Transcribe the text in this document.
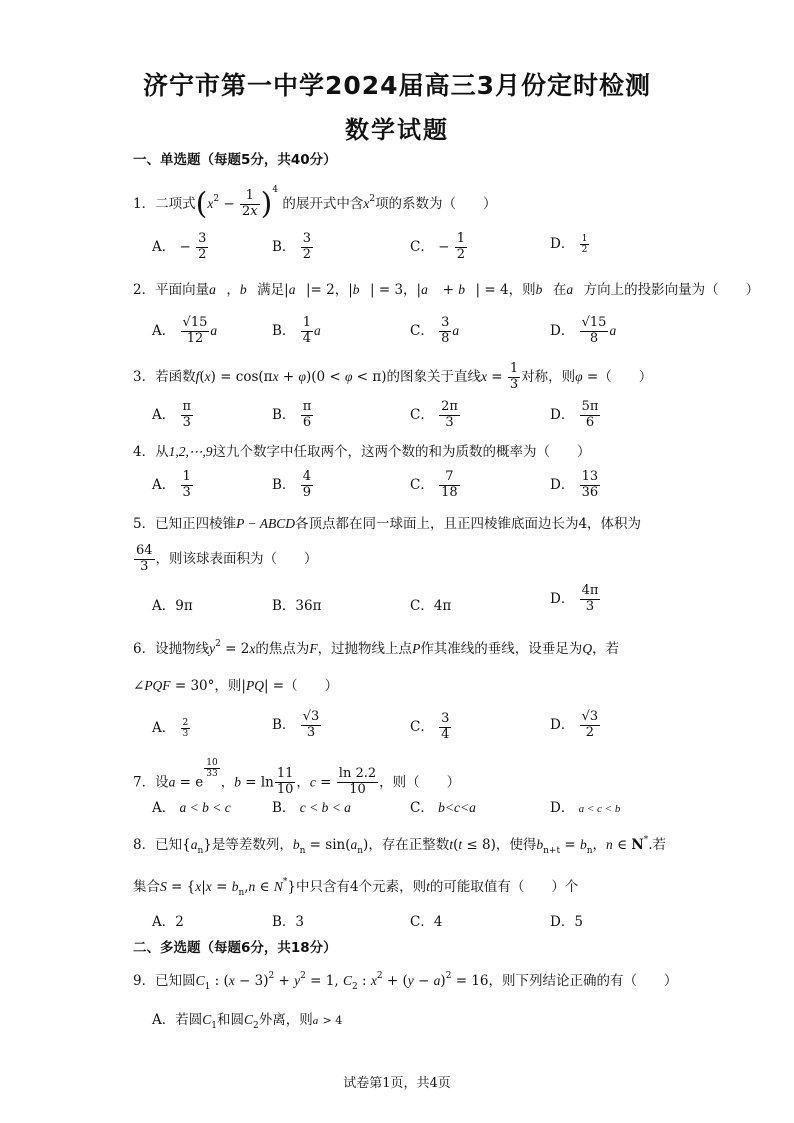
济宁市第一中学2024届高三3月份定时检测
数学试题
一、单选题（每题5分，共40分）
1．二项式$(x^2 - \frac{1}{2x} )^4$ 的展开式中含$x^2$项的系数为（　　）
A． − $\frac{3}{2}$	B． $\frac{3}{2}$	C． − $\frac{1}{2}$	D． $\frac{1}{2}$
2．平面向量a⃗，b⃗满足|a⃗|= 2，|b⃗| = 3，|a⃗ + b⃗| = 4，则b⃗在a⃗方向上的投影向量为（　　）
A． $\frac{√15}{12}$ a⃗	B． $\frac{1}{4}$ a⃗	C． $\frac{3}{8}$ a⃗	D． $\frac{√15}{8}$ a⃗
3．若函数f(x) = cos(πx + φ)(0 < φ < π)的图象关于直线$x = \frac{1}{3}$ 对称，则φ =（　　）
A． $\frac{\pi}{3}$	B． $\frac{\pi}{6}$	C． $\frac{2\pi}{3}$	D． $\frac{5\pi}{6}$
4．从1,2,⋯,9这九个数字中任取两个，这两个数的和为质数的概率为（　　）
A． $\frac{1}{3}$	B． $\frac{4}{9}$	C． $\frac{7}{18}$	D． $\frac{13}{36}$
5．已知正四棱锥P − ABCD各顶点都在同一球面上，且正四棱锥底面边长为4，体积为
$\frac{64}{3}$ ，则该球表面积为（　　）
A．9π	B．36π	C．4π	D． $\frac{4\pi}{3}$
6．设抛物线$y^2 = 2x$的焦点为F，过抛物线上点P作其准线的垂线，设垂足为Q，若
∠PQF = 30°，则|PQ| =（　　）
A． $\frac{2}{3}$	B． $\frac{√3}{3}$	C． $\frac{3}{4}$	D． $\frac{√3}{2}$
7．设a = e
$\frac{10}{33}$
，$b = \ln \frac{11}{10}$ ，$c = \frac{\ln 2.2}{10}$ ，则（　　）
A． a < b < c	B． c < b < a	C． b<c<a	D． a < c < b
8．已知$\{a_n\}$是等差数列，$b_n = \sin(a_n)$，存在正整数t(t ≤ 8)，使得$b_{n+t} = b_n$，n ∈ N*.若
集合$S = \{x|x = b_n,n$ ∈ N*}中只含有4个元素，则t的可能取值有（　　）个
A．2	B．3	C．4	D．5
二、多选题（每题6分，共18分）
9．已知圆$C_1$ : $(x - 3)^2 + y^2 = 1$, $C_2$ : $x^2 + (y - a)^2 = 16$，则下列结论正确的有（　　）
A．若圆$C_1$和圆$C_2$外离，则a > 4
试卷第1页，共4页
